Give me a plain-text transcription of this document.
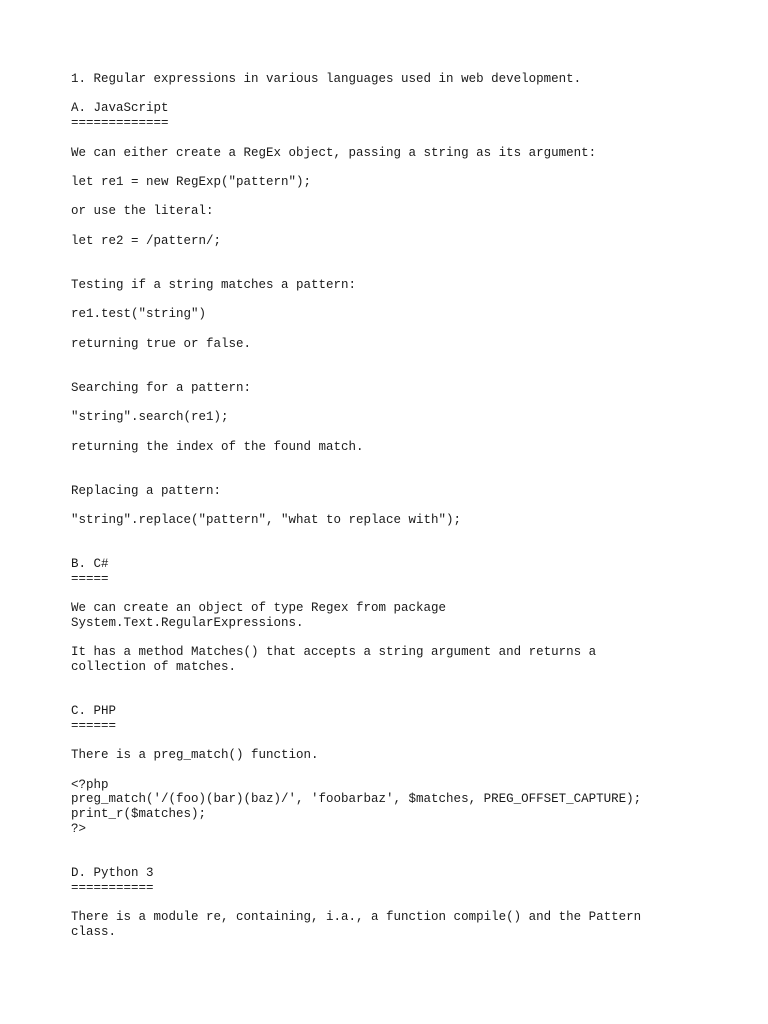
1. Regular expressions in various languages used in web development.

A. JavaScript
=============

We can either create a RegEx object, passing a string as its argument:

let re1 = new RegExp("pattern");

or use the literal:

let re2 = /pattern/;

Testing if a string matches a pattern:

re1.test("string")

returning true or false.

Searching for a pattern:

"string".search(re1);

returning the index of the found match.

Replacing a pattern:

"string".replace("pattern", "what to replace with");

B. C#
=====

We can create an object of type Regex from package
System.Text.RegularExpressions.

It has a method Matches() that accepts a string argument and returns a
collection of matches.

C. PHP
======

There is a preg_match() function.

<?php
preg_match('/(foo)(bar)(baz)/', 'foobarbaz', $matches, PREG_OFFSET_CAPTURE);
print_r($matches);
?>

D. Python 3
===========

There is a module re, containing, i.a., a function compile() and the Pattern
class.
